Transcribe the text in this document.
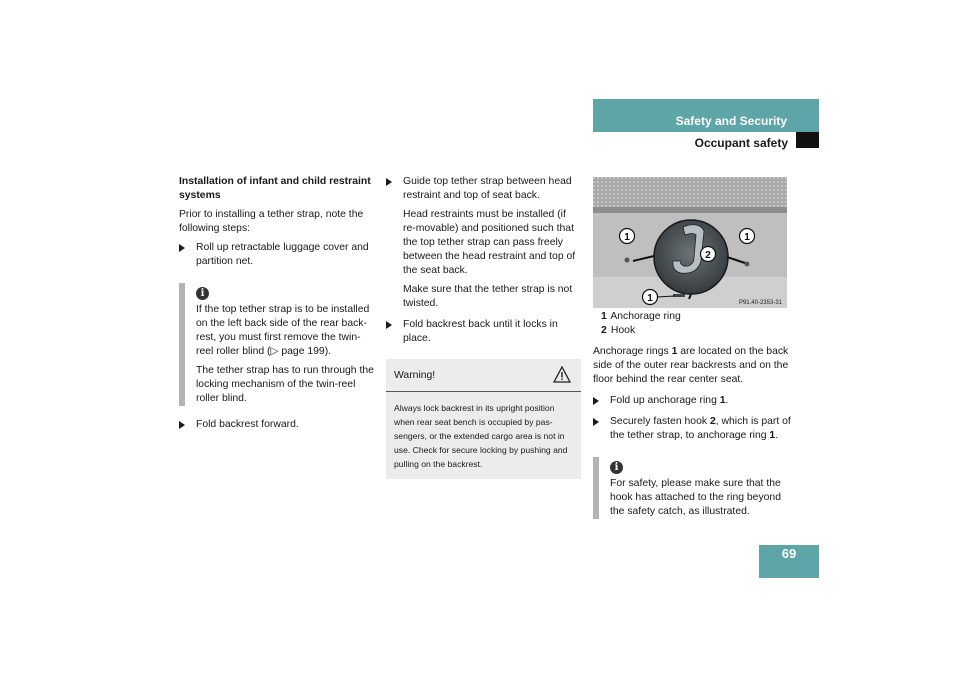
Safety and Security
Occupant safety
Installation of infant and child restraint systems
Prior to installing a tether strap, note the following steps:
Roll up retractable luggage cover and partition net.
i
If the top tether strap is to be installed on the left back side of the rear back-rest, you must first remove the twin-reel roller blind (▷ page 199).
The tether strap has to run through the locking mechanism of the twin-reel roller blind.
Fold backrest forward.
Guide top tether strap between head restraint and top of seat back.
Head restraints must be installed (if re-movable) and positioned such that the top tether strap can pass freely between the head restraint and top of the seat back.
Make sure that the tether strap is not twisted.
Fold backrest back until it locks in place.
Warning!
Always lock backrest in its upright position when rear seat bench is occupied by pas-sengers, or the extended cargo area is not in use. Check for secure locking by pushing and pulling on the backrest.
1	1
2
1	P91.40-2353-31
1 Anchorage ring
2 Hook
Anchorage rings 1 are located on the back side of the outer rear backrests and on the floor behind the rear center seat.
Fold up anchorage ring 1.
Securely fasten hook 2, which is part of the tether strap, to anchorage ring 1.
i
For safety, please make sure that the hook has attached to the ring beyond the safety catch, as illustrated.
69
